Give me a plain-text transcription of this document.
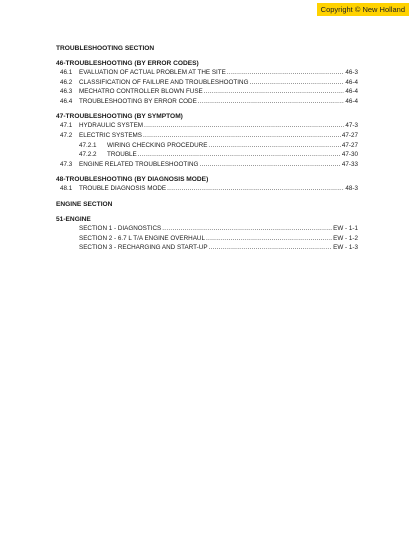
Copyright © New Holland

TROUBLESHOOTING SECTION

46-TROUBLESHOOTING (BY ERROR CODES)

46.1	EVALUATION OF ACTUAL PROBLEM AT THE SITE .....	46-3
46.2	CLASSIFICATION OF FAILURE AND TROUBLESHOOTING .....	46-4
46.3	MECHATRO CONTROLLER BLOWN FUSE .....	46-4
46.4	TROUBLESHOOTING BY ERROR CODE .....	46-4

47-TROUBLESHOOTING (BY SYMPTOM)

47.1	HYDRAULIC SYSTEM .....	47-3
47.2	ELECTRIC SYSTEMS .....	47-27
47.2.1	WIRING CHECKING PROCEDURE .....	47-27
47.2.2	TROUBLE .....	47-30
47.3	ENGINE RELATED TROUBLESHOOTING .....	47-33

48-TROUBLESHOOTING (BY DIAGNOSIS MODE)

48.1	TROUBLE DIAGNOSIS MODE .....	48-3

ENGINE SECTION

51-ENGINE

SECTION 1 - DIAGNOSTICS .....	EW - 1-1
SECTION 2 - 6.7 L T/A ENGINE OVERHAUL .....	EW - 1-2
SECTION 3 - RECHARGING AND START-UP .....	EW - 1-3
